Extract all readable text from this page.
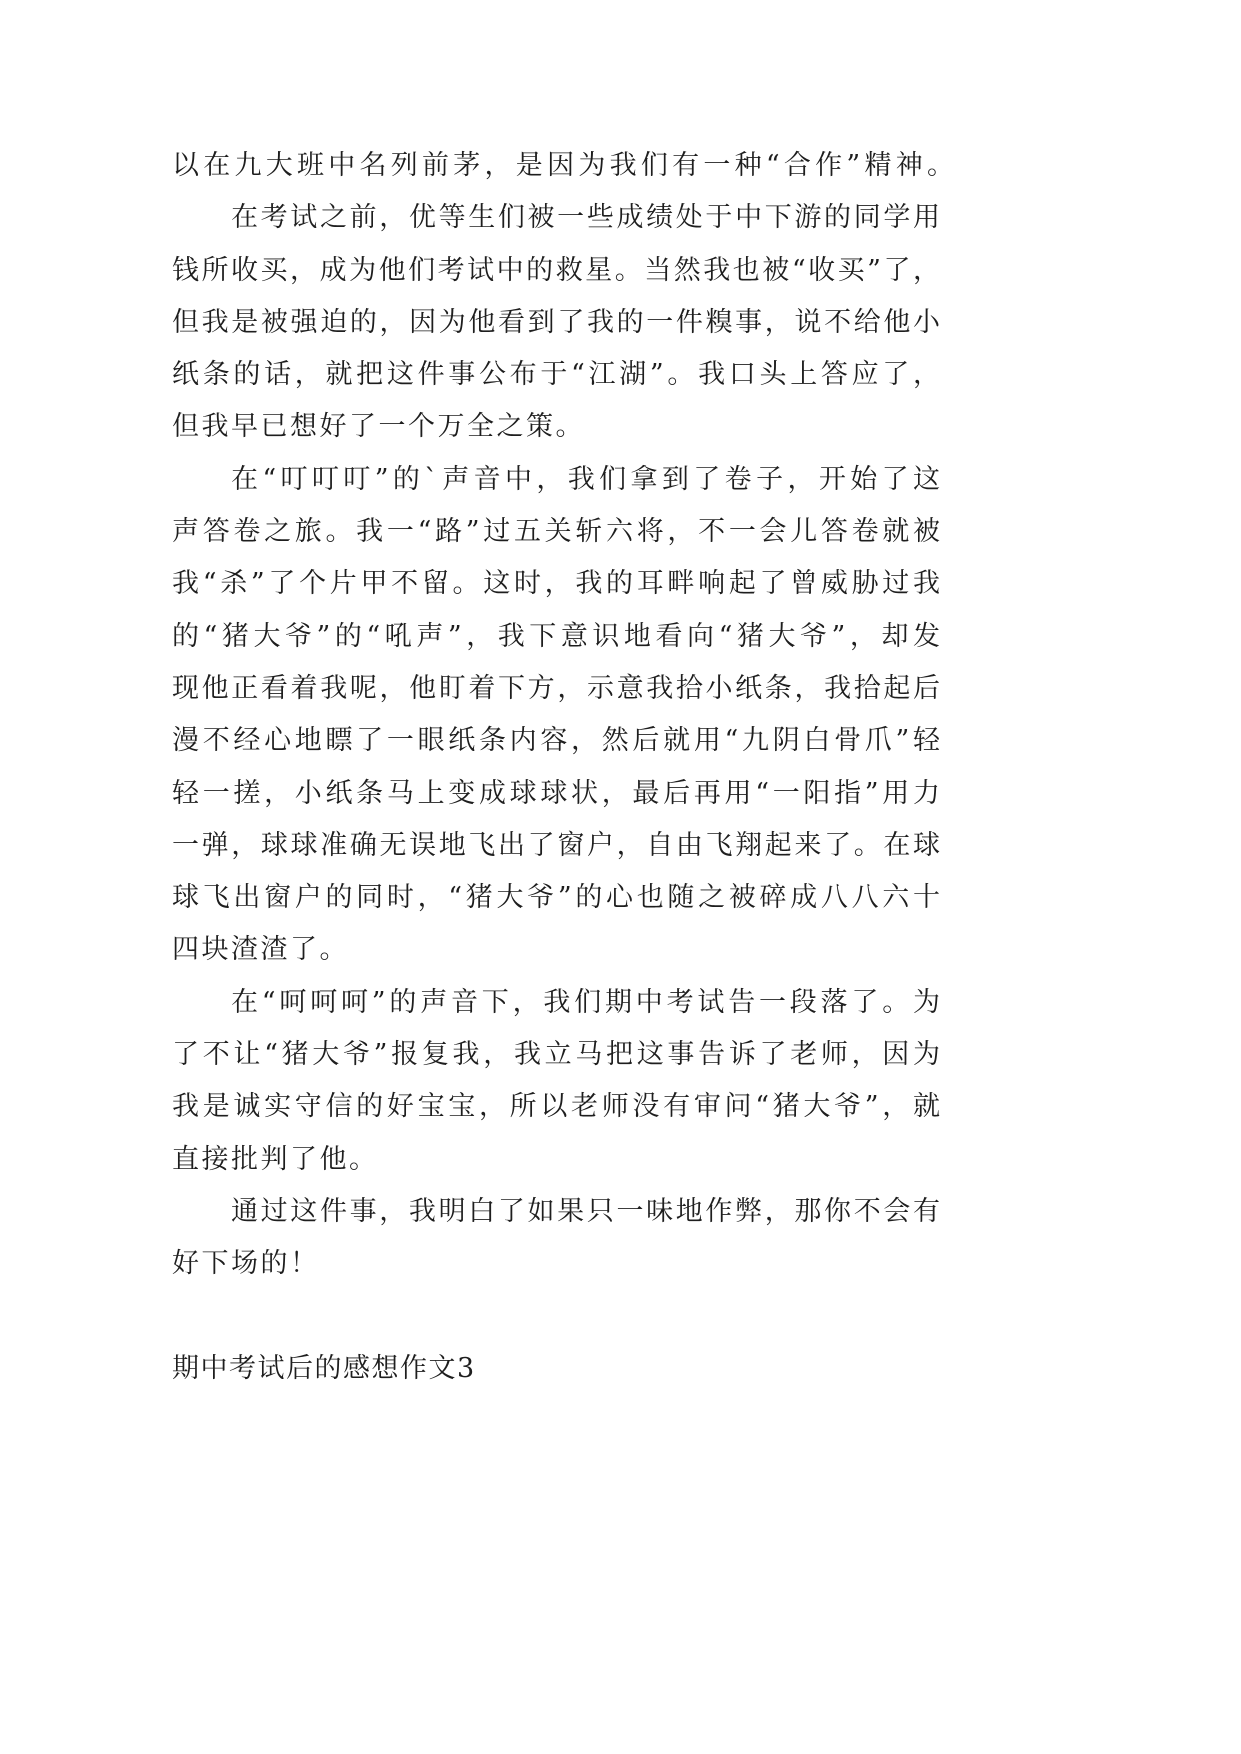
以在九大班中名列前茅，是因为我们有一种“合作”精神。
在考试之前，优等生们被一些成绩处于中下游的同学用
钱所收买，成为他们考试中的救星。当然我也被“收买”了，
但我是被强迫的，因为他看到了我的一件糗事，说不给他小
纸条的话，就把这件事公布于“江湖”。我口头上答应了，
但我早已想好了一个万全之策。
在“叮叮叮”的`声音中，我们拿到了卷子，开始了这
声答卷之旅。我一“路”过五关斩六将，不一会儿答卷就被
我“杀”了个片甲不留。这时，我的耳畔响起了曾威胁过我
的“猪大爷”的“吼声”，我下意识地看向“猪大爷”，却发
现他正看着我呢，他盯着下方，示意我拾小纸条，我拾起后
漫不经心地瞟了一眼纸条内容，然后就用“九阴白骨爪”轻
轻一搓，小纸条马上变成球球状，最后再用“一阳指”用力
一弹，球球准确无误地飞出了窗户，自由飞翔起来了。在球
球飞出窗户的同时，“猪大爷”的心也随之被碎成八八六十
四块渣渣了。
在“呵呵呵”的声音下，我们期中考试告一段落了。为
了不让“猪大爷”报复我，我立马把这事告诉了老师，因为
我是诚实守信的好宝宝，所以老师没有审问“猪大爷”，就
直接批判了他。
通过这件事，我明白了如果只一味地作弊，那你不会有
好下场的！
期中考试后的感想作文3
